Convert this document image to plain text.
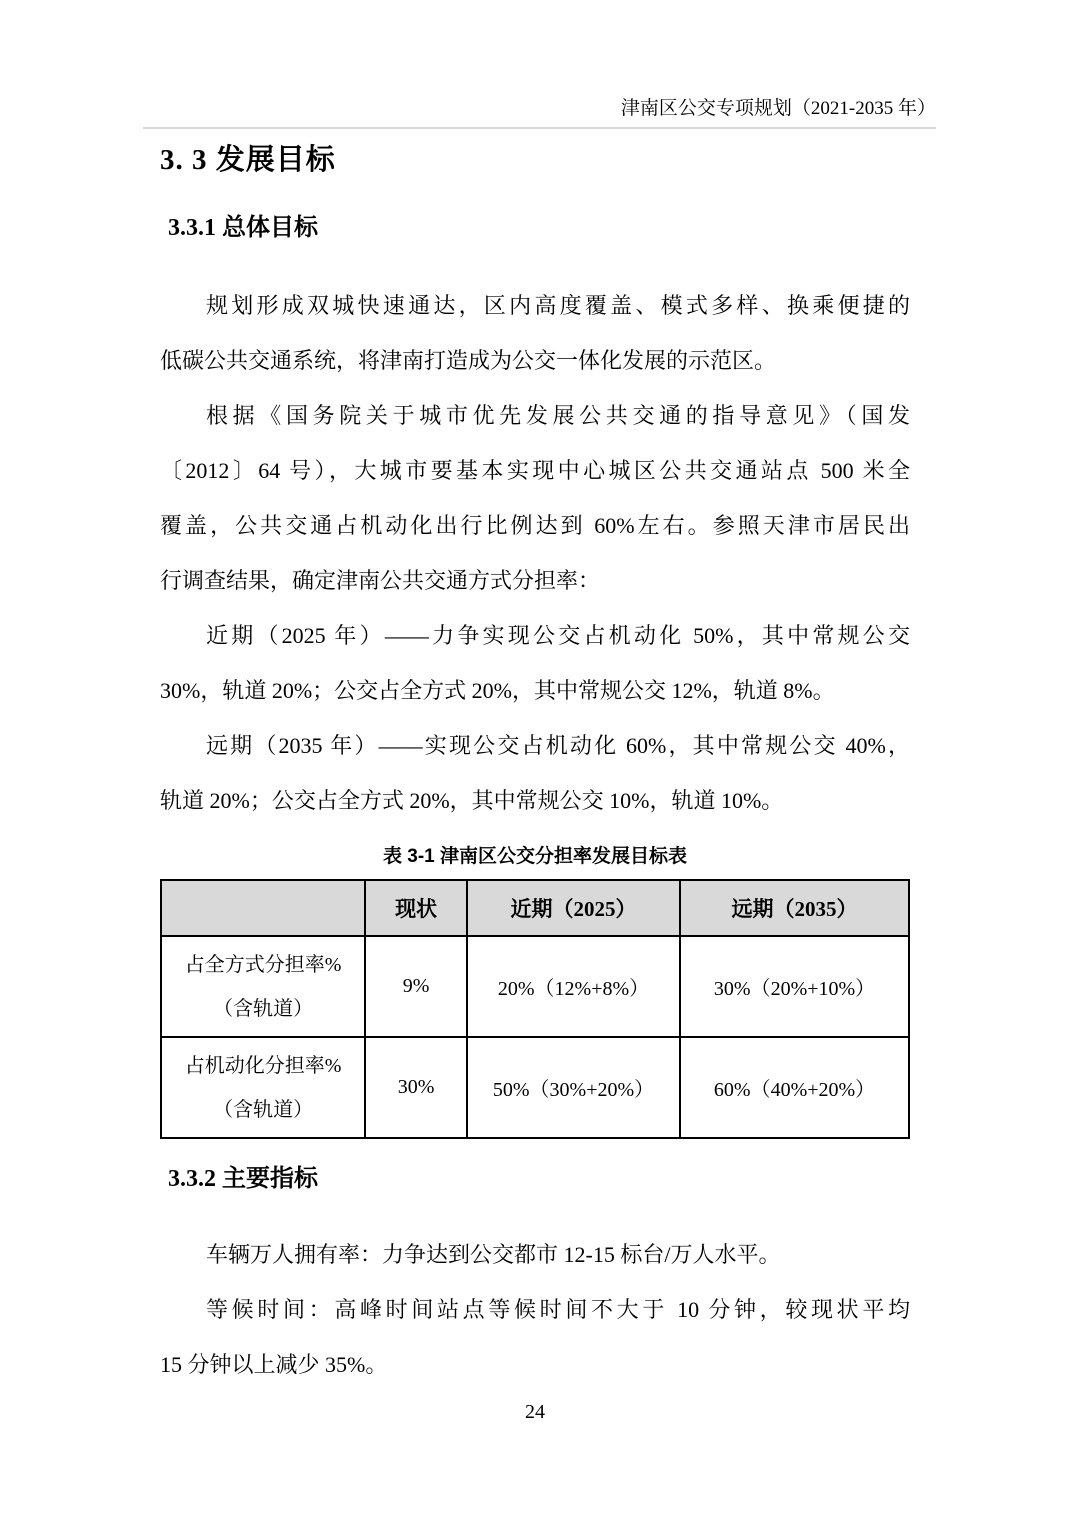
津南区公交专项规划（2021-2035 年）
3. 3 发展目标
3.3.1 总体目标
规划形成双城快速通达，区内高度覆盖、模式多样、换乘便捷的
低碳公共交通系统，将津南打造成为公交一体化发展的示范区。
根据《国务院关于城市优先发展公共交通的指导意见》（国发
〔2012〕64 号），大城市要基本实现中心城区公共交通站点 500 米全
覆盖，公共交通占机动化出行比例达到 60%左右。参照天津市居民出
行调查结果，确定津南公共交通方式分担率：
近期（2025 年）——力争实现公交占机动化 50%，其中常规公交
30%，轨道 20%；公交占全方式 20%，其中常规公交 12%，轨道 8%。
远期（2035 年）——实现公交占机动化 60%，其中常规公交 40%，
轨道 20%；公交占全方式 20%，其中常规公交 10%，轨道 10%。
表 3-1 津南区公交分担率发展目标表
	现状	近期（2025）	远期（2035）

占全方式分担率%
（含轨道）	9%	20%（12%+8%）	30%（20%+10%）

占机动化分担率%
（含轨道）	30%	50%（30%+20%）	60%（40%+20%）
3.3.2 主要指标
车辆万人拥有率：力争达到公交都市 12-15 标台/万人水平。
等候时间：高峰时间站点等候时间不大于 10 分钟，较现状平均
15 分钟以上减少 35%。
24
